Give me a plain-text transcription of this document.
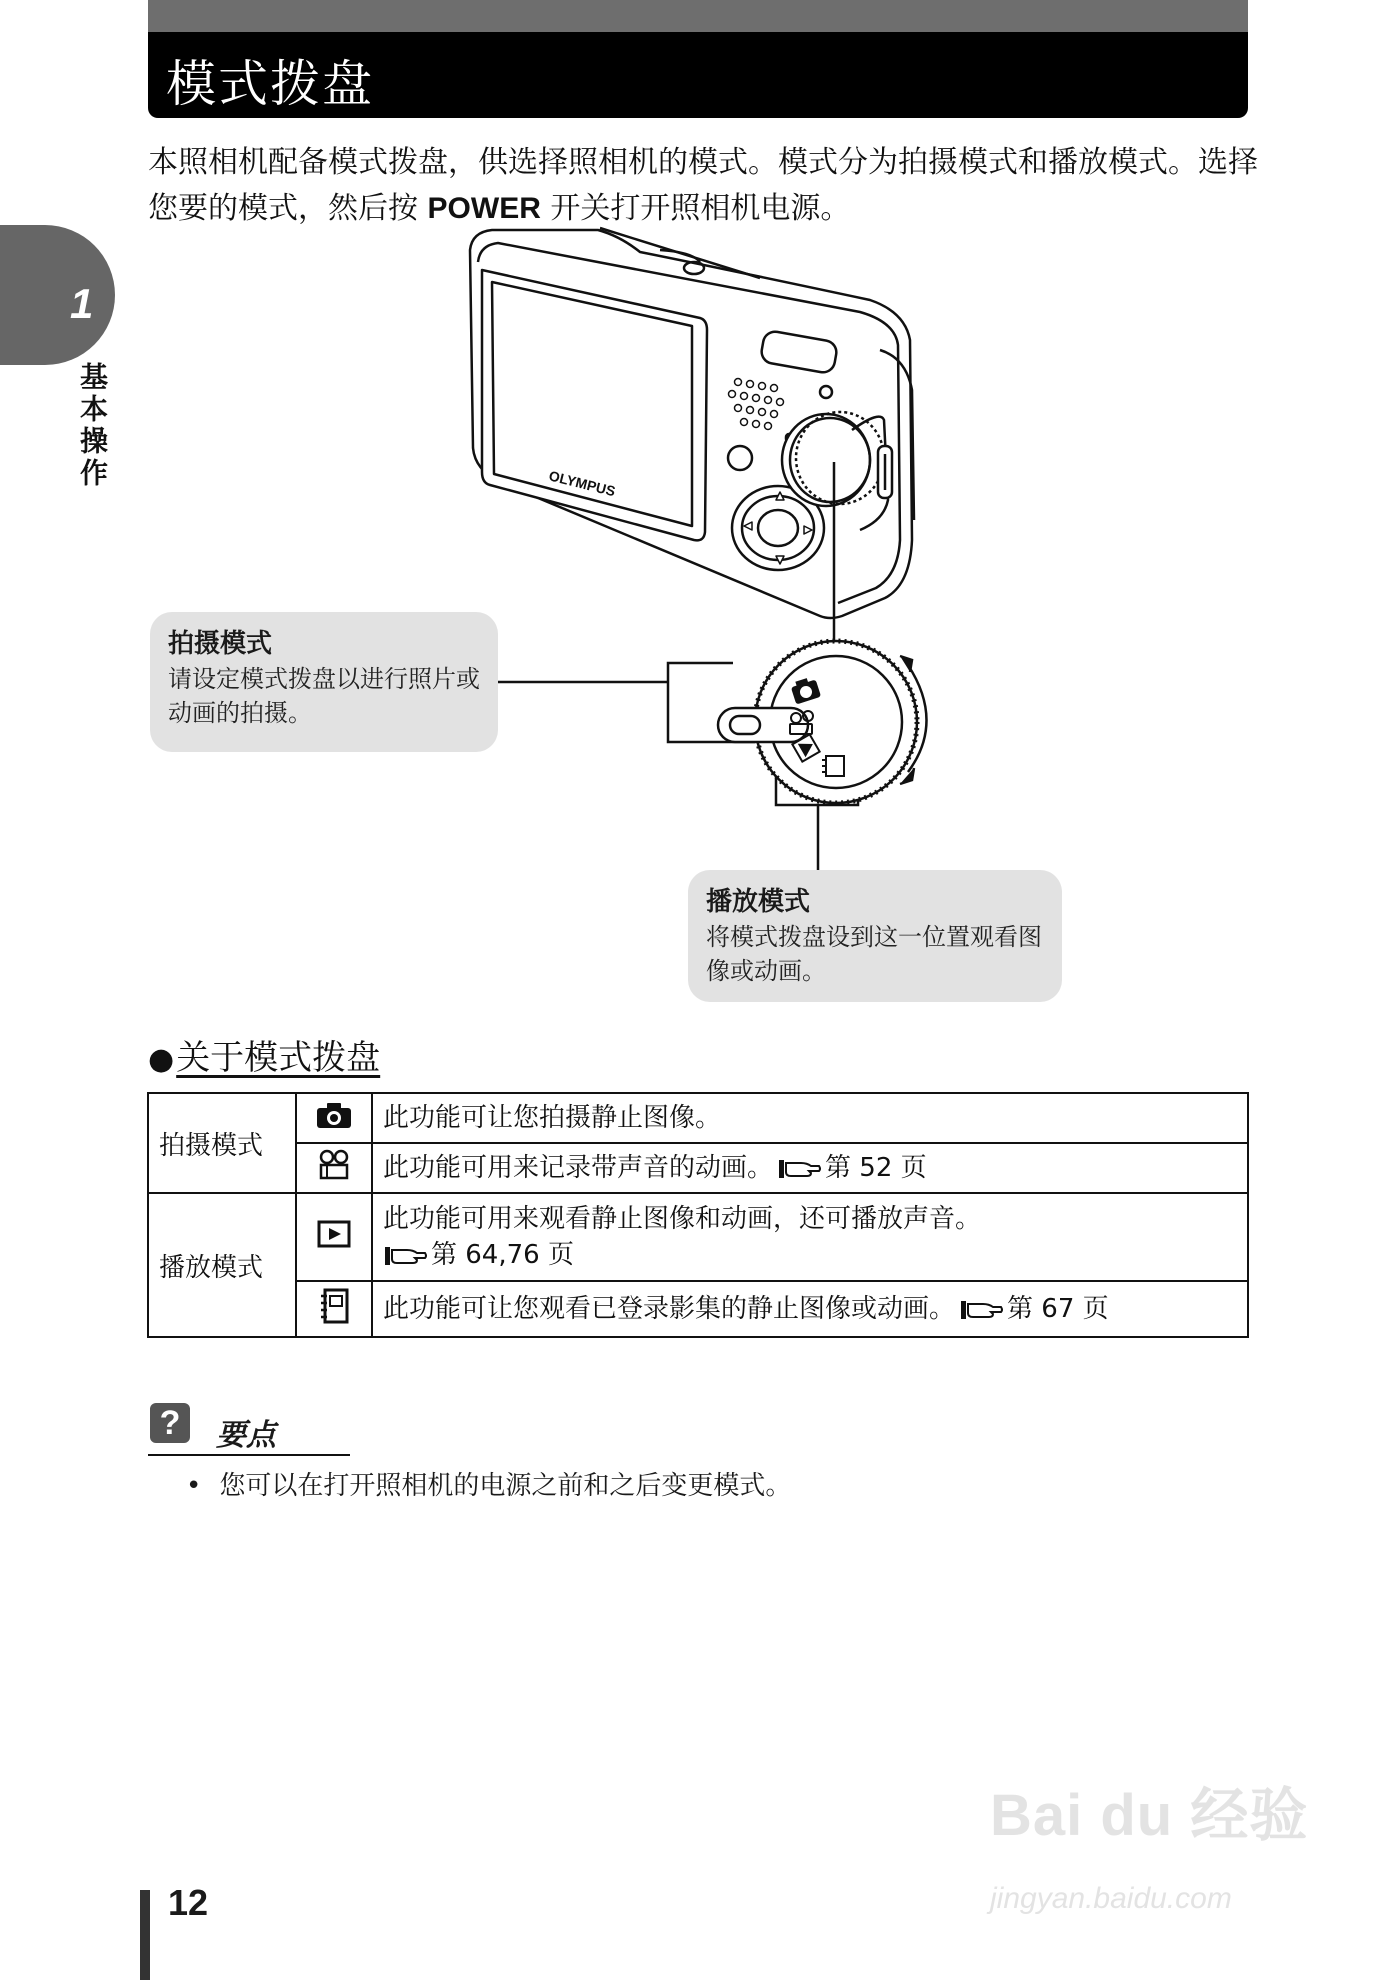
模式拨盘
1
基本操作
本照相机配备模式拨盘，供选择照相机的模式。模式分为拍摄模式和播放模式。选择您要的模式，然后按 POWER 开关打开照相机电源。
OLYMPUS
拍摄模式
请设定模式拨盘以进行照片或动画的拍摄。
播放模式
将模式拨盘设到这一位置观看图像或动画。
●关于模式拨盘
拍摄模式		此功能可让您拍摄静止图像。
	此功能可用来记录带声音的动画。 第 52 页
播放模式		此功能可用来观看静止图像和动画，还可播放声音。
第 64,76 页
	此功能可让您观看已登录影集的静止图像或动画。 第 67 页
?	要点
• 您可以在打开照相机的电源之前和之后变更模式。
12
Bai du 经验
jingyan.baidu.com
